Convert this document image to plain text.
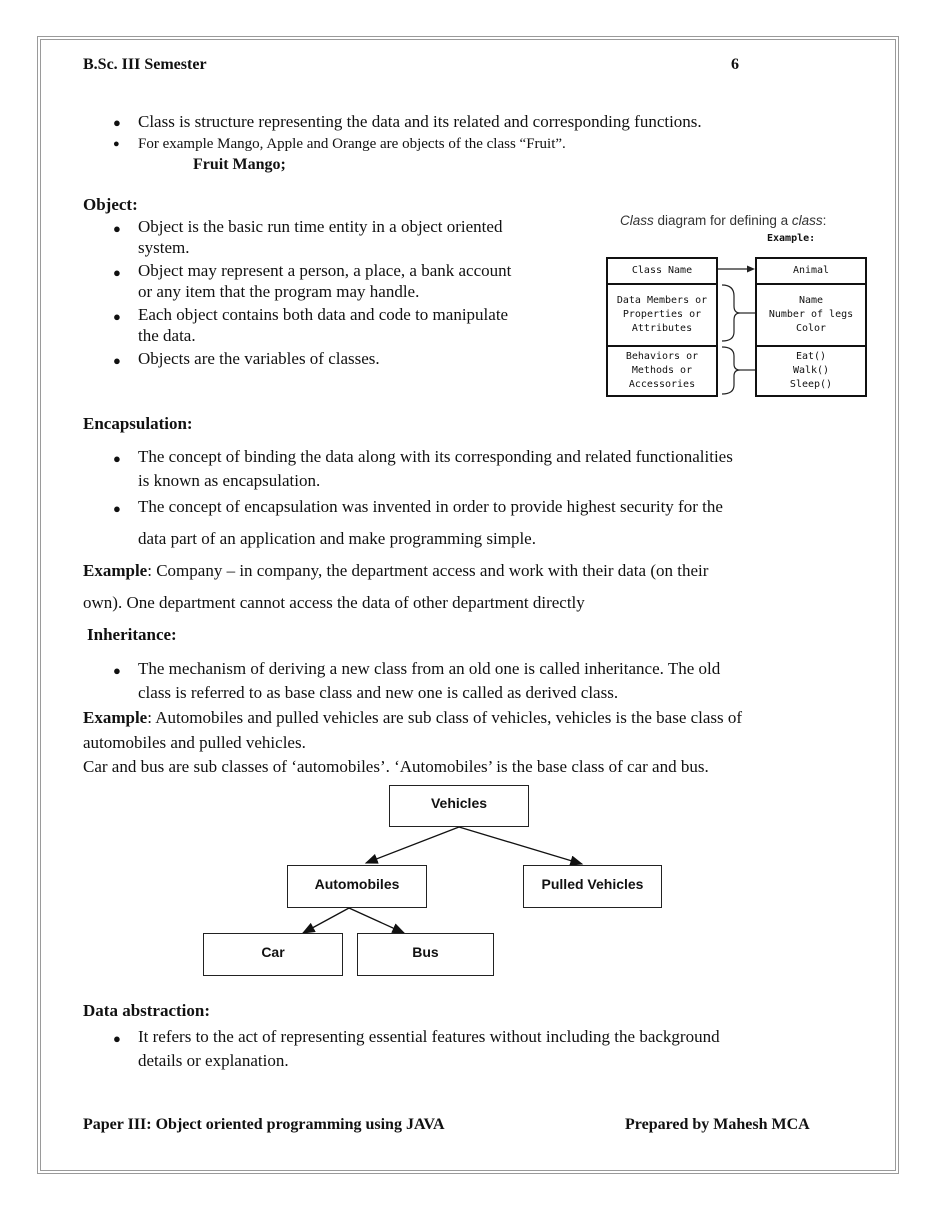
B.Sc. III Semester	6
● Class is structure representing the data and its related and corresponding functions.
● For example Mango, Apple and Orange are objects of the class “Fruit”.
Fruit Mango;
Object:
● Object is the basic run time entity in a object oriented
system.
● Object may represent a person, a place, a bank account
or any item that the program may handle.
● Each object contains both data and code to manipulate
the data.
● Objects are the variables of classes.
Class diagram for defining a class:
Example:
Class Name
Data Members or
Properties or
Attributes
Behaviors or
Methods or
Accessories
Animal
Name
Number of legs
Color
Eat()
Walk()
Sleep()
Encapsulation:
● The concept of binding the data along with its corresponding and related functionalities
is known as encapsulation.
● The concept of encapsulation was invented in order to provide highest security for the
data part of an application and make programming simple.
Example: Company – in company, the department access and work with their data (on their
own). One department cannot access the data of other department directly
Inheritance:
● The mechanism of deriving a new class from an old one is called inheritance. The old
class is referred to as base class and new one is called as derived class.
Example: Automobiles and pulled vehicles are sub class of vehicles, vehicles is the base class of
automobiles and pulled vehicles.
Car and bus are sub classes of ‘automobiles’. ‘Automobiles’ is the base class of car and bus.
Vehicles
Automobiles	Pulled Vehicles
Car	Bus
Data abstraction:
● It refers to the act of representing essential features without including the background
details or explanation.
Paper III: Object oriented programming using JAVA	Prepared by Mahesh MCA
